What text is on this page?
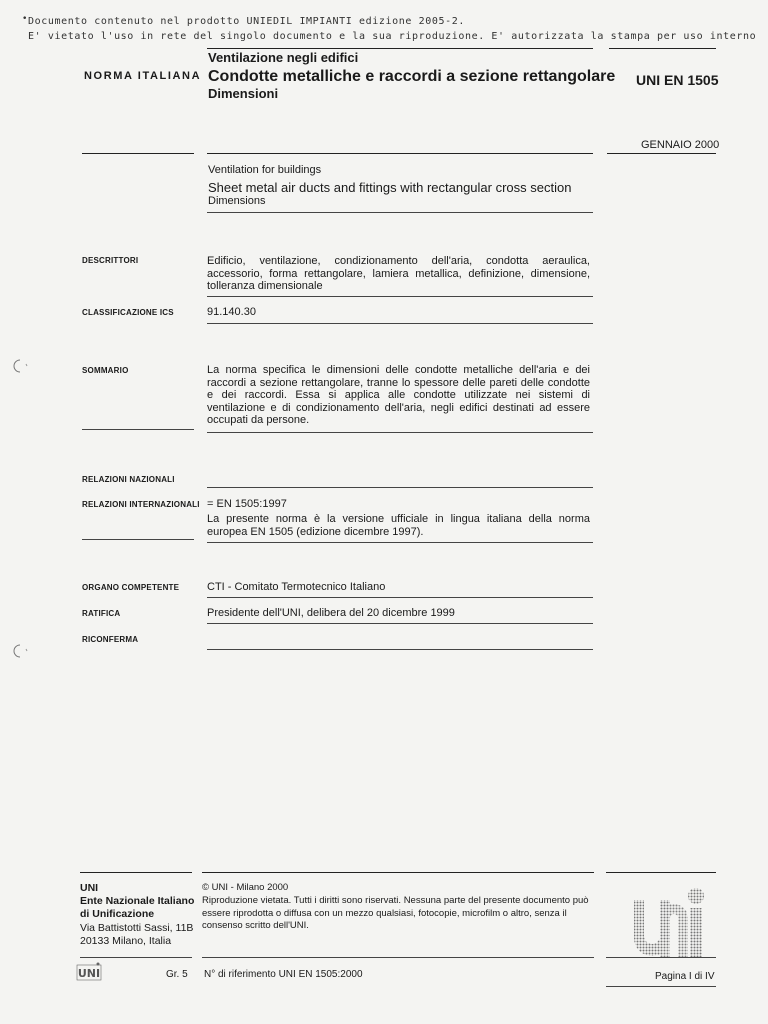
• Documento contenuto nel prodotto UNIEDIL IMPIANTI edizione 2005-2.
E' vietato l'uso in rete del singolo documento e la sua riproduzione. E' autorizzata la stampa per uso interno
NORMA ITALIANA
Ventilazione negli edifici
Condotte metalliche e raccordi a sezione rettangolare
Dimensioni
UNI EN 1505
GENNAIO 2000
Ventilation for buildings
Sheet metal air ducts and fittings with rectangular cross section
Dimensions
DESCRITTORI	Edificio, ventilazione, condizionamento dell'aria, condotta aeraulica, accessorio, forma rettangolare, lamiera metallica, definizione, dimensione, tolleranza dimensionale
CLASSIFICAZIONE ICS	91.140.30
SOMMARIO	La norma specifica le dimensioni delle condotte metalliche dell'aria e dei raccordi a sezione rettangolare, tranne lo spessore delle pareti delle condotte e dei raccordi. Essa si applica alle condotte utilizzate nei sistemi di ventilazione e di condizionamento dell'aria, negli edifici destinati ad essere occupati da persone.
RELAZIONI NAZIONALI
RELAZIONI INTERNAZIONALI = EN 1505:1997
La presente norma è la versione ufficiale in lingua italiana della norma europea EN 1505 (edizione dicembre 1997).
ORGANO COMPETENTE	CTI - Comitato Termotecnico Italiano
RATIFICA	Presidente dell'UNI, delibera del 20 dicembre 1999
RICONFERMA
UNI
Ente Nazionale Italiano
di Unificazione
Via Battistotti Sassi, 11B
20133 Milano, Italia
© UNI - Milano 2000
Riproduzione vietata. Tutti i diritti sono riservati. Nessuna parte del presente documento può essere riprodotta o diffusa con un mezzo qualsiasi, fotocopie, microfilm o altro, senza il consenso scritto dell'UNI.
UNI	Gr. 5 N° di riferimento UNI EN 1505:2000	Pagina I di IV
